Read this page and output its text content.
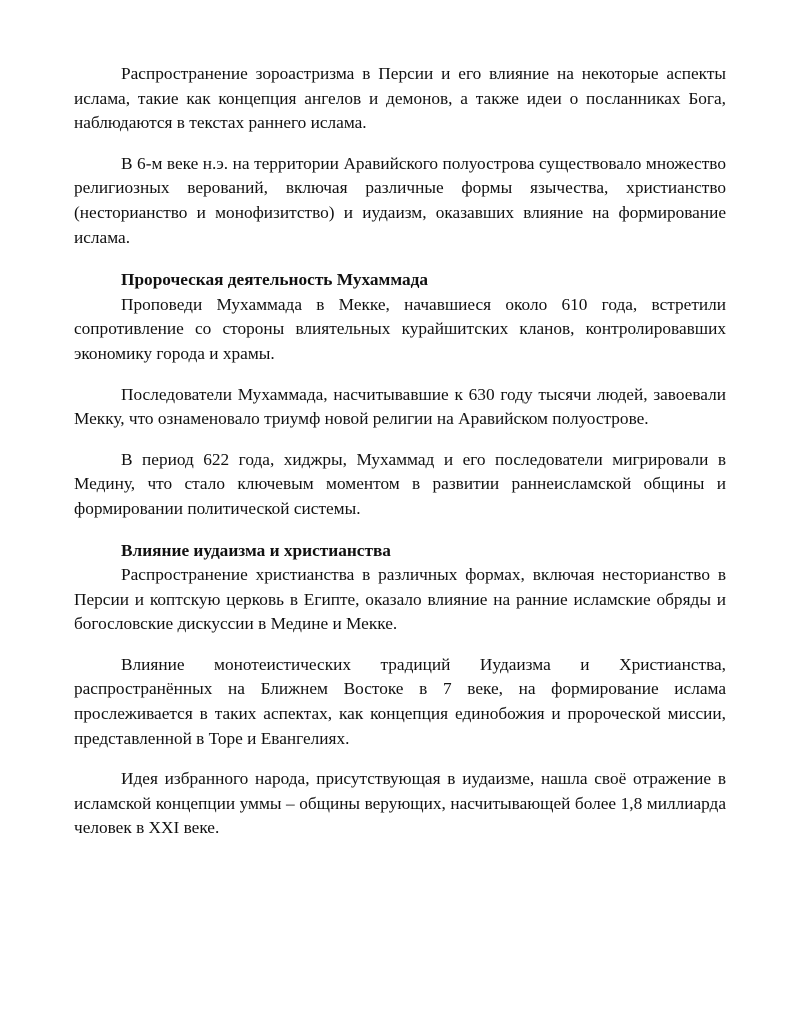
Распространение зороастризма в Персии и его влияние на некоторые аспекты ислама, такие как концепция ангелов и демонов, а также идеи о посланниках Бога, наблюдаются в текстах раннего ислама.

В 6-м веке н.э. на территории Аравийского полуострова существовало множество религиозных верований, включая различные формы язычества, христианство (несторианство и монофизитство) и иудаизм, оказавших влияние на формирование ислама.

Пророческая деятельность Мухаммада

Проповеди Мухаммада в Мекке, начавшиеся около 610 года, встретили сопротивление со стороны влиятельных курайшитских кланов, контролировавших экономику города и храмы.

Последователи Мухаммада, насчитывавшие к 630 году тысячи людей, завоевали Мекку, что ознаменовало триумф новой религии на Аравийском полуострове.

В период 622 года, хиджры, Мухаммад и его последователи мигрировали в Медину, что стало ключевым моментом в развитии раннеисламской общины и формировании политической системы.

Влияние иудаизма и христианства

Распространение христианства в различных формах, включая несторианство в Персии и коптскую церковь в Египте, оказало влияние на ранние исламские обряды и богословские дискуссии в Медине и Мекке.

Влияние монотеистических традиций Иудаизма и Христианства, распространённых на Ближнем Востоке в 7 веке, на формирование ислама прослеживается в таких аспектах, как концепция единобожия и пророческой миссии, представленной в Торе и Евангелиях.

Идея избранного народа, присутствующая в иудаизме, нашла своё отражение в исламской концепции уммы – общины верующих, насчитывающей более 1,8 миллиарда человек в XXI веке.
